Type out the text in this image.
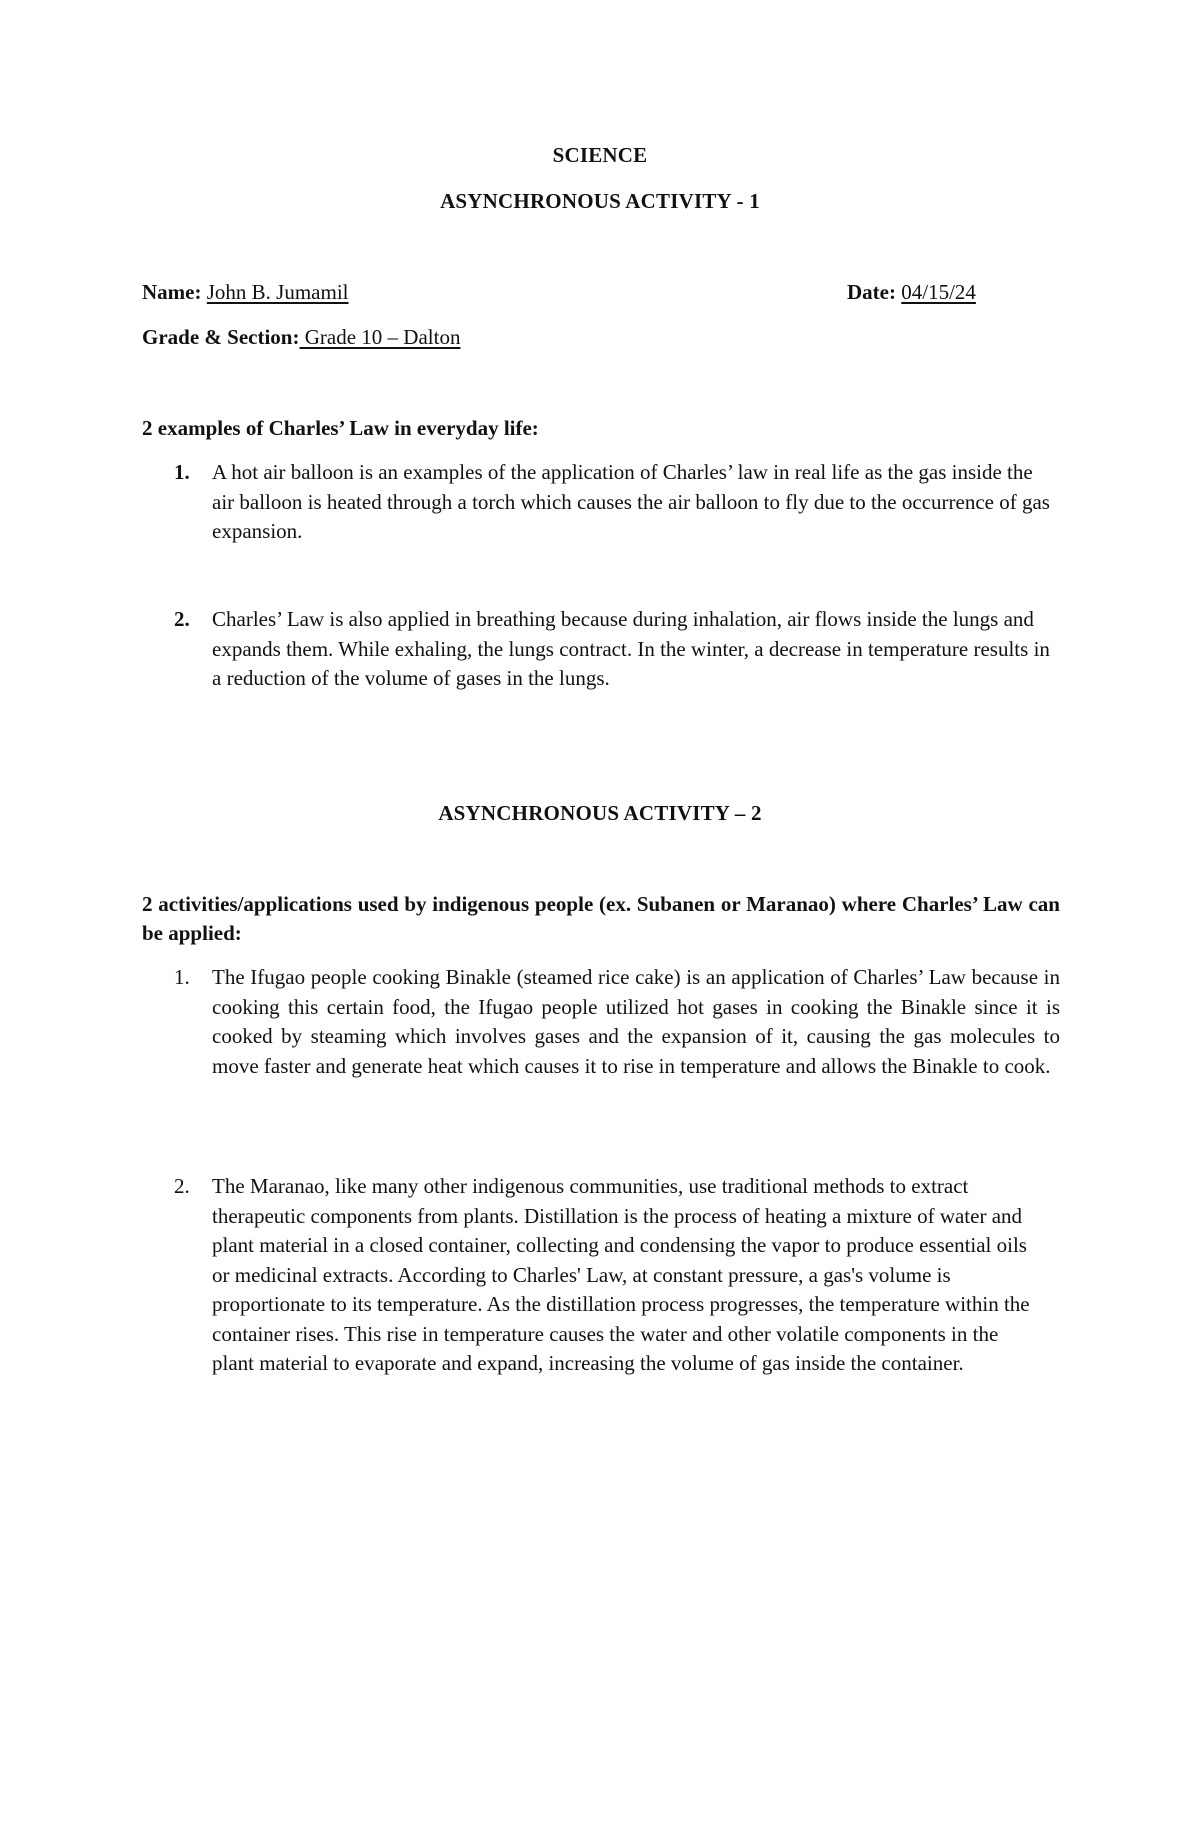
SCIENCE
ASYNCHRONOUS ACTIVITY - 1
Name: John B. Jumamil	Date: 04/15/24
Grade & Section: Grade 10 – Dalton
2 examples of Charles’ Law in everyday life:
1. A hot air balloon is an examples of the application of Charles’ law in real life as the gas inside the air balloon is heated through a torch which causes the air balloon to fly due to the occurrence of gas expansion.
2. Charles’ Law is also applied in breathing because during inhalation, air flows inside the lungs and expands them. While exhaling, the lungs contract. In the winter, a decrease in temperature results in a reduction of the volume of gases in the lungs.
ASYNCHRONOUS ACTIVITY – 2
2 activities/applications used by indigenous people (ex. Subanen or Maranao) where Charles’ Law can be applied:
1. The Ifugao people cooking Binakle (steamed rice cake) is an application of Charles’ Law because in cooking this certain food, the Ifugao people utilized hot gases in cooking the Binakle since it is cooked by steaming which involves gases and the expansion of it, causing the gas molecules to move faster and generate heat which causes it to rise in temperature and allows the Binakle to cook.
2. The Maranao, like many other indigenous communities, use traditional methods to extract therapeutic components from plants. Distillation is the process of heating a mixture of water and plant material in a closed container, collecting and condensing the vapor to produce essential oils or medicinal extracts. According to Charles' Law, at constant pressure, a gas's volume is proportionate to its temperature. As the distillation process progresses, the temperature within the container rises. This rise in temperature causes the water and other volatile components in the plant material to evaporate and expand, increasing the volume of gas inside the container.
